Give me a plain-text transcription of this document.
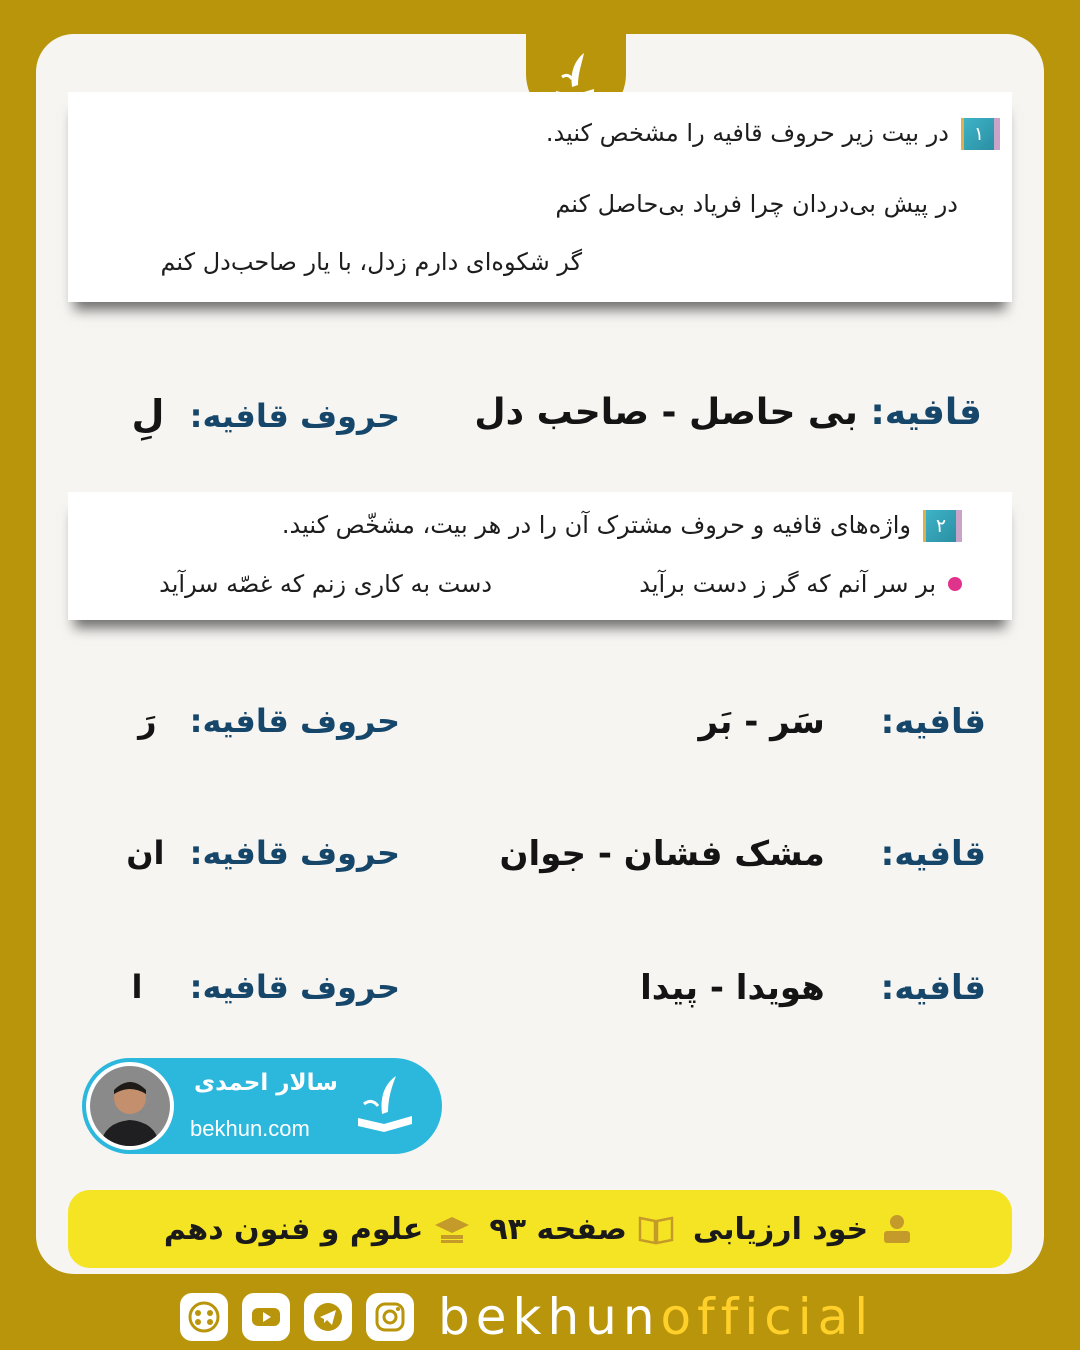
۱در بیت زیر حروف قافیه را مشخص کنید.
در پیش بی‌دردان چرا فریاد بی‌حاصل کنم
گر شکوه‌ای دارم زدل، با یار صاحب‌دل کنم
قافیه: بی حاصل - صاحب دل
حروف قافیه: لِ
۲واژه‌های قافیه و حروف مشترک آن را در هر بیت، مشخّص کنید.
بر سر آنم که گر ز دست برآید
دست به کاری زنم که غصّه سرآید
قافیه: سَر - بَر
حروف قافیه: رَ
قافیه: مشک فشان - جوان
حروف قافیه: ان
قافیه: هویدا - پیدا
حروف قافیه: ا
سالار احمدی
bekhun.com
خود ارزیابی
صفحه ۹۳
علوم و فنون دهم
bekhunofficial
